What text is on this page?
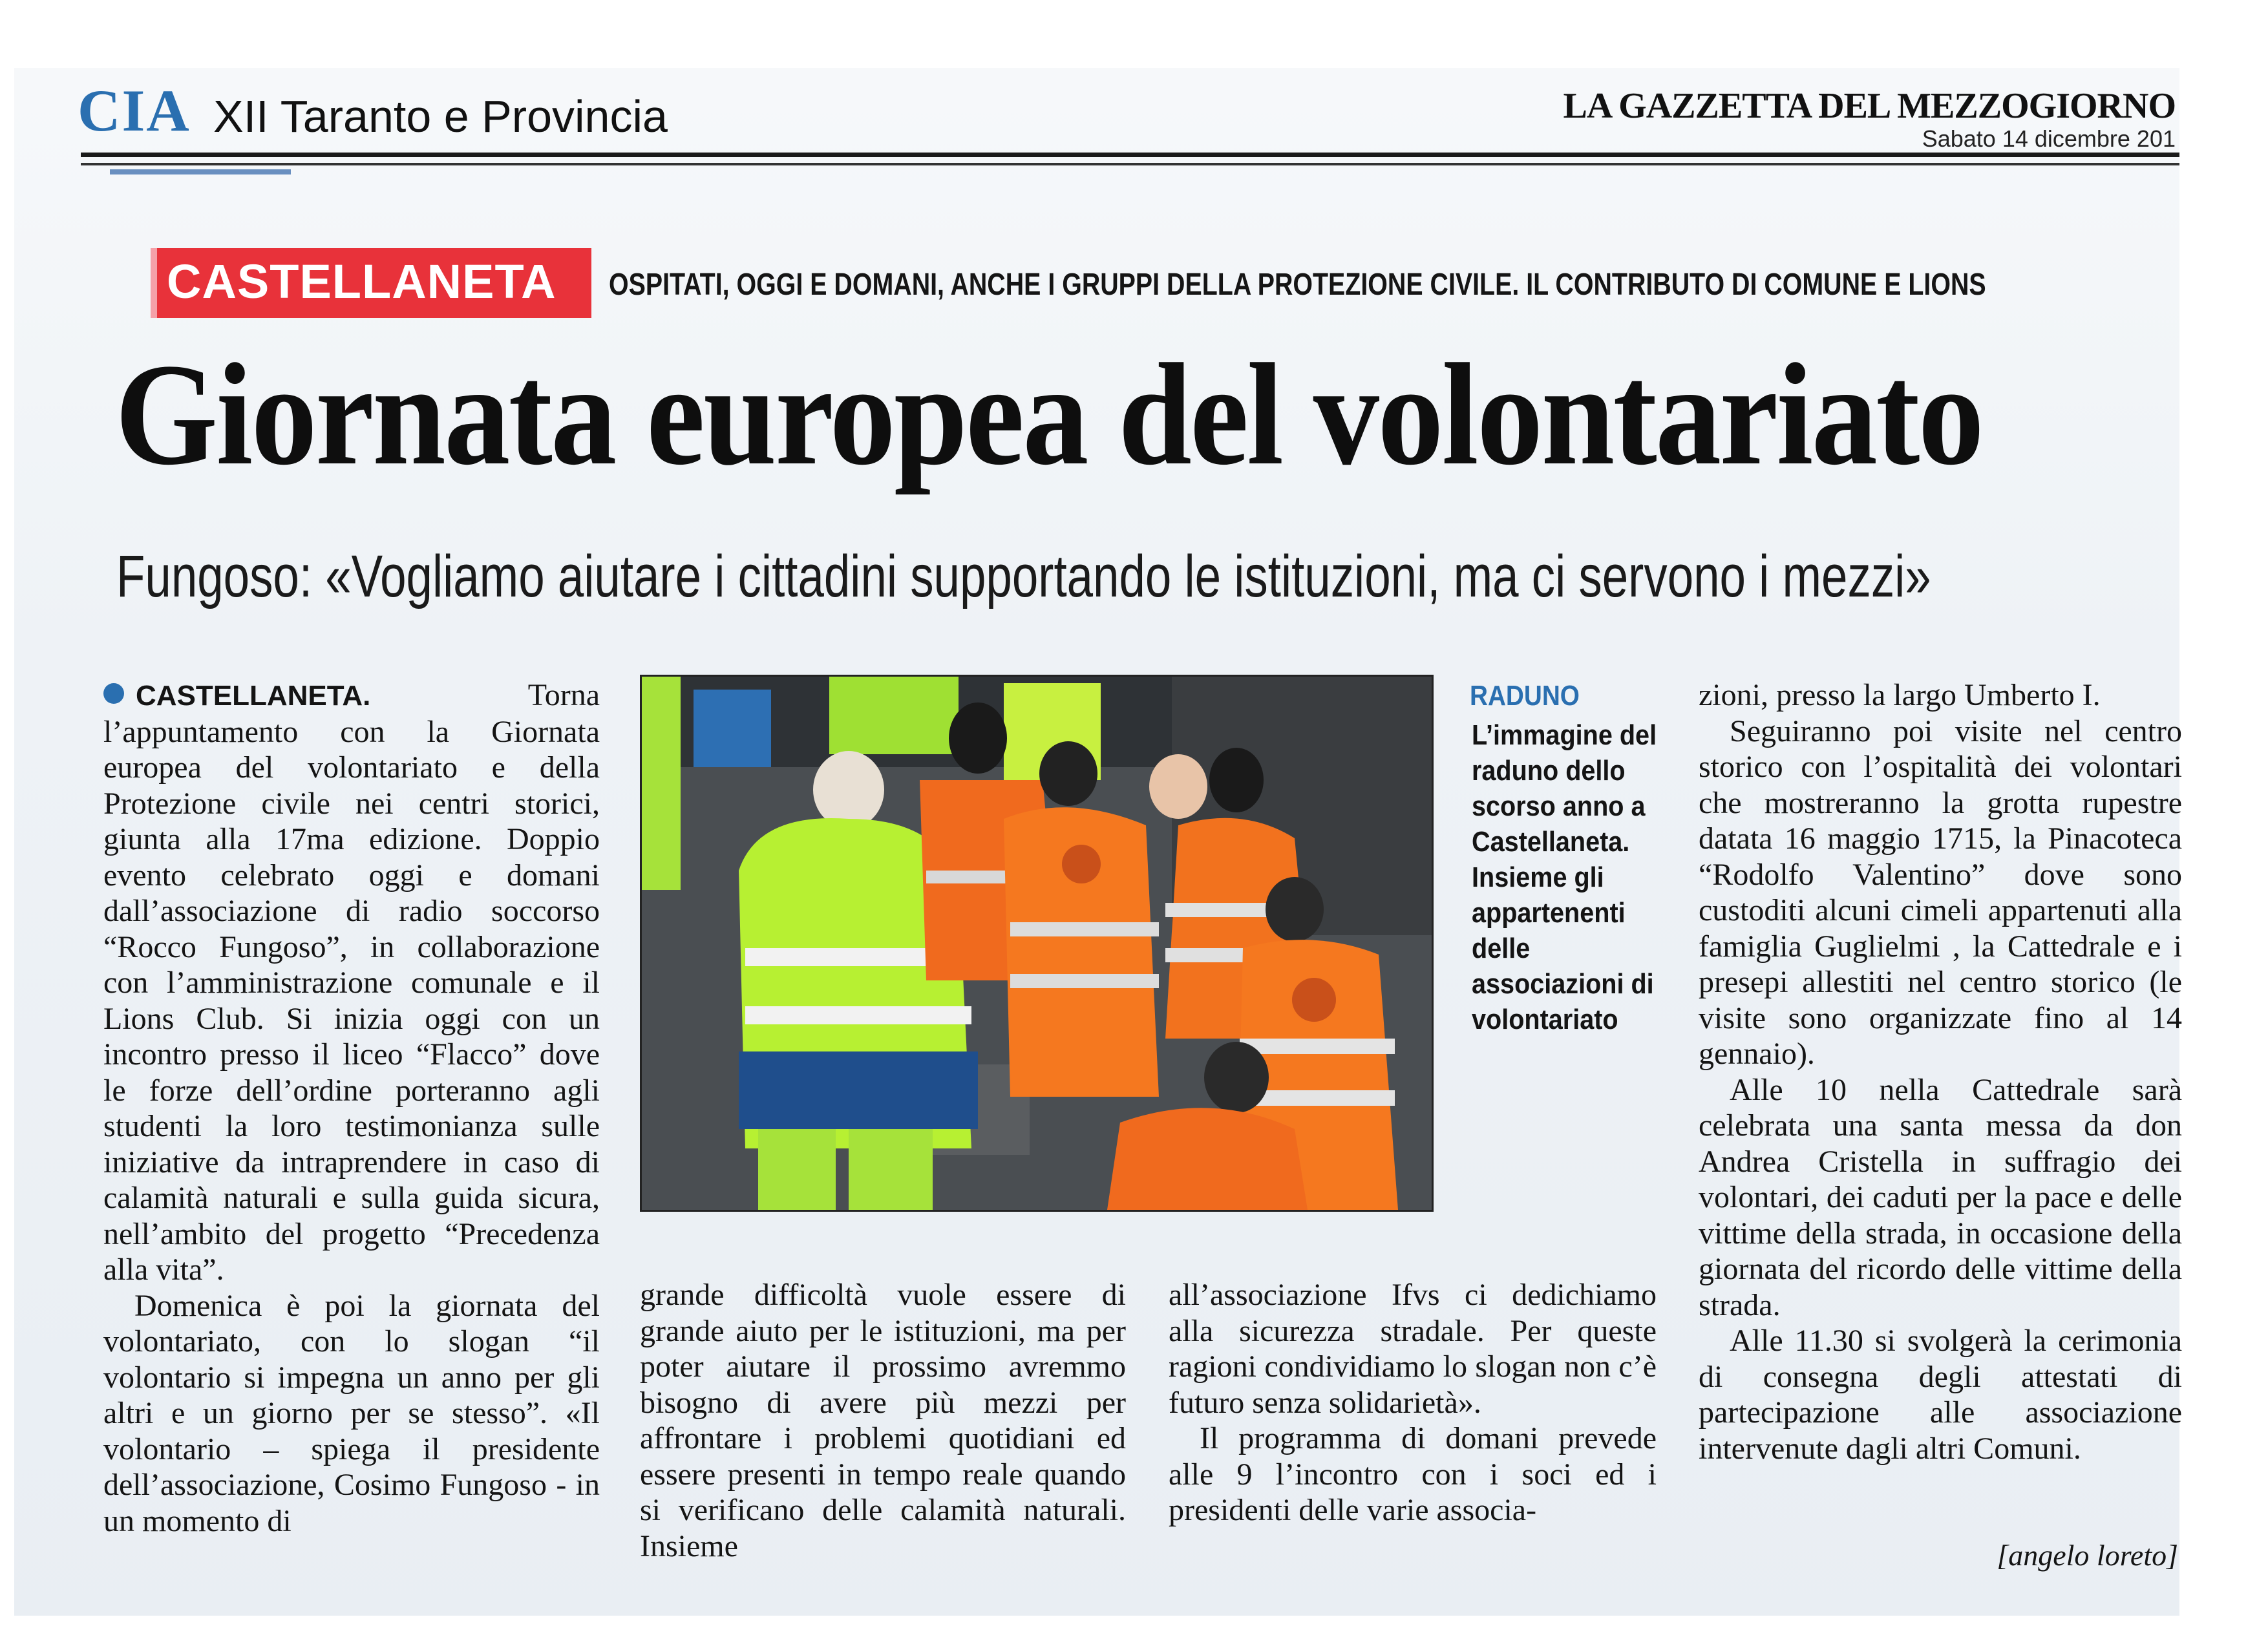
CIA XII Taranto e Provincia	LA GAZZETTA DEL MEZZOGIORNO
Sabato 14 dicembre 201
CASTELLANETA OSPITATI, OGGI E DOMANI, ANCHE I GRUPPI DELLA PROTEZIONE CIVILE. IL CONTRIBUTO DI COMUNE E LIONS
Giornata europea del volontariato
Fungoso: «Vogliamo aiutare i cittadini supportando le istituzioni, ma ci servono i mezzi»

CASTELLANETA.	Torna l’appuntamento con la Giornata europea del volontariato e della Protezione civile nei centri storici, giunta alla 17ma edizione. Doppio evento celebrato oggi e domani dall’associazione di radio soccorso “Rocco Fungoso”, in collaborazione con l’amministrazione comunale e il Lions Club. Si inizia oggi con un incontro presso il liceo “Flacco” dove le forze dell’ordine porteranno agli studenti la loro testimonianza sulle iniziative da intraprendere in caso di calamità naturali e sulla guida sicura, nell’ambito del progetto “Precedenza alla vita”.

Domenica è poi la giornata del volontariato, con lo slogan “il volontario si impegna un anno per gli altri e un giorno per se stesso”. «Il volontario – spiega il presidente dell’associazione, Cosimo Fungoso - in un momento di

RADUNO
L’immagine del raduno dello scorso anno a Castellaneta. Insieme gli appartenenti delle associazioni di volontariato

grande difficoltà vuole essere di grande aiuto per le istituzioni, ma per poter aiutare il prossimo avremmo bisogno di avere più mezzi per affrontare i problemi quotidiani ed essere presenti in tempo reale quando si verificano delle calamità naturali. Insieme

all’associazione Ifvs ci dedichiamo alla sicurezza stradale. Per queste ragioni condividiamo lo slogan non c’è futuro senza solidarietà».

Il programma di domani prevede alle 9 l’incontro con i soci ed i presidenti delle varie associa-

zioni, presso la largo Umberto I.

Seguiranno poi visite nel centro storico con l’ospitalità dei volontari che mostreranno la grotta rupestre datata 16 maggio 1715, la Pinacoteca “Rodolfo Valentino” dove sono custoditi alcuni cimeli appartenuti alla famiglia Guglielmi , la Cattedrale e i presepi allestiti nel centro storico (le visite sono organizzate fino al 14 gennaio).

Alle 10 nella Cattedrale sarà celebrata una santa messa da don Andrea Cristella in suffragio dei volontari, dei caduti per la pace e delle vittime della strada, in occasione della giornata del ricordo delle vittime della strada.

Alle 11.30 si svolgerà la cerimonia di consegna degli attestati di partecipazione alle associazione intervenute dagli altri Comuni.

[angelo loreto]
